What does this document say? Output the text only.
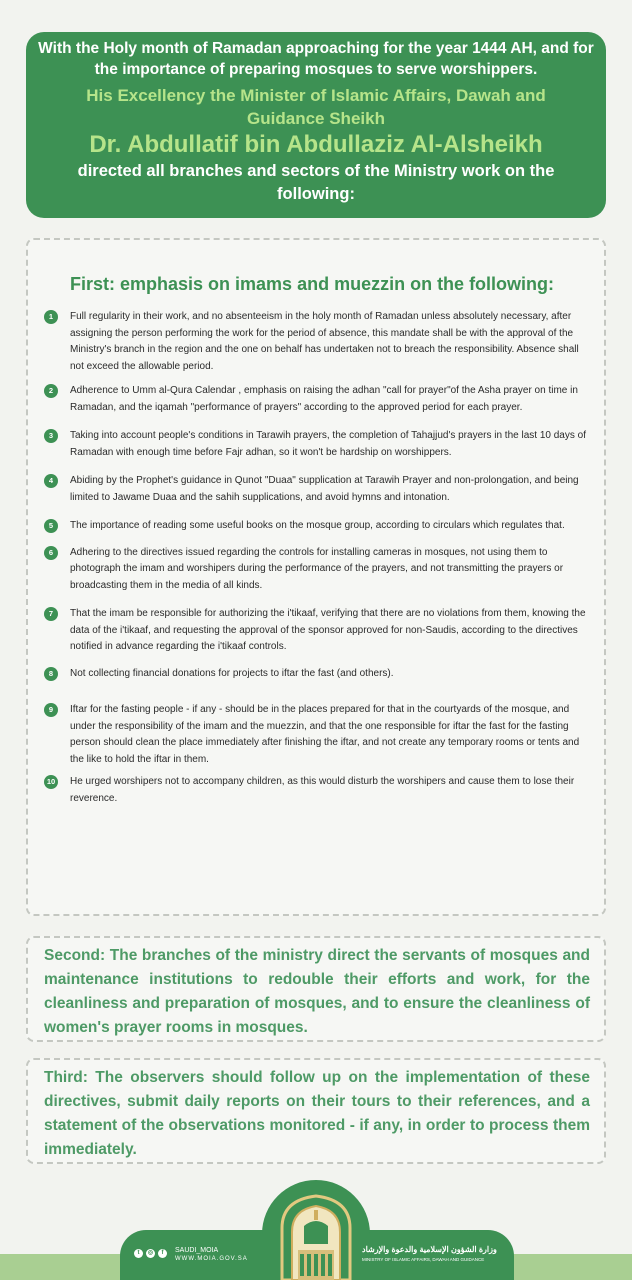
With the Holy month of Ramadan approaching for the year 1444 AH, and for the importance of preparing mosques to serve worshippers.

His Excellency the Minister of Islamic Affairs, Dawah and Guidance Sheikh

Dr. Abdullatif bin Abdullaziz Al-Alsheikh

directed all branches and sectors of the Ministry work on the following:

First: emphasis on imams and muezzin on the following:
1	Full regularity in their work, and no absenteeism in the holy month of Ramadan unless absolutely necessary, after assigning the person performing the work for the period of absence, this mandate shall be with the approval of the Ministry's branch in the region and the one on behalf has undertaken not to breach the responsibility. Absence shall not exceed the allowable period.
2	Adherence to Umm al-Qura Calendar , emphasis on raising the adhan "call for prayer"of the Asha prayer on time in Ramadan, and the iqamah "performance of prayers" according to the approved period for each prayer.
3	Taking into account people's conditions in Tarawih prayers, the completion of Tahajjud's prayers in the last 10 days of Ramadan with enough time before Fajr adhan, so it won't be hardship on worshippers.
4	Abiding by the Prophet's guidance in Qunot "Duaa" supplication at Tarawih Prayer and non-prolongation, and being limited to Jawame Duaa and the sahih supplications, and avoid hymns and intonation.
5	The importance of reading some useful books on the mosque group, according to circulars which regulates that.
6	Adhering to the directives issued regarding the controls for installing cameras in mosques, not using them to photograph the imam and worshipers during the performance of the prayers, and not transmitting the prayers or broadcasting them in the media of all kinds.
7	That the imam be responsible for authorizing the i'tikaaf, verifying that there are no violations from them, knowing the data of the i'tikaaf, and requesting the approval of the sponsor approved for non-Saudis, according to the directives notified in advance regarding the i'tikaaf controls.
8	Not collecting financial donations for projects to iftar the fast (and others).
9	Iftar for the fasting people - if any - should be in the places prepared for that in the courtyards of the mosque, and under the responsibility of the imam and the muezzin, and that the one responsible for iftar the fast for the fasting person should clean the place immediately after finishing the iftar, and not create any temporary rooms or tents and the like to hold the iftar in them.
10 He urged worshipers not to accompany children, as this would disturb the worshipers and cause them to lose their reverence.

Second: The branches of the ministry direct the servants of mosques and maintenance institutions to redouble their efforts and work, for the cleanliness and preparation of mosques, and to ensure the cleanliness of women's prayer rooms in mosques.

Third: The observers should follow up on the implementation of these directives, submit daily reports on their tours to their references, and a statement of the observations monitored - if any, in order to process them immediately.

t	◎	f	SAUDI_MOIA
WWW.MOIA.GOV.SA
وزارة الشؤون الإسلامية والدعوة والإرشاد
MINISTRY OF ISLAMIC AFFAIRS, DAWAH AND GUIDANCE
